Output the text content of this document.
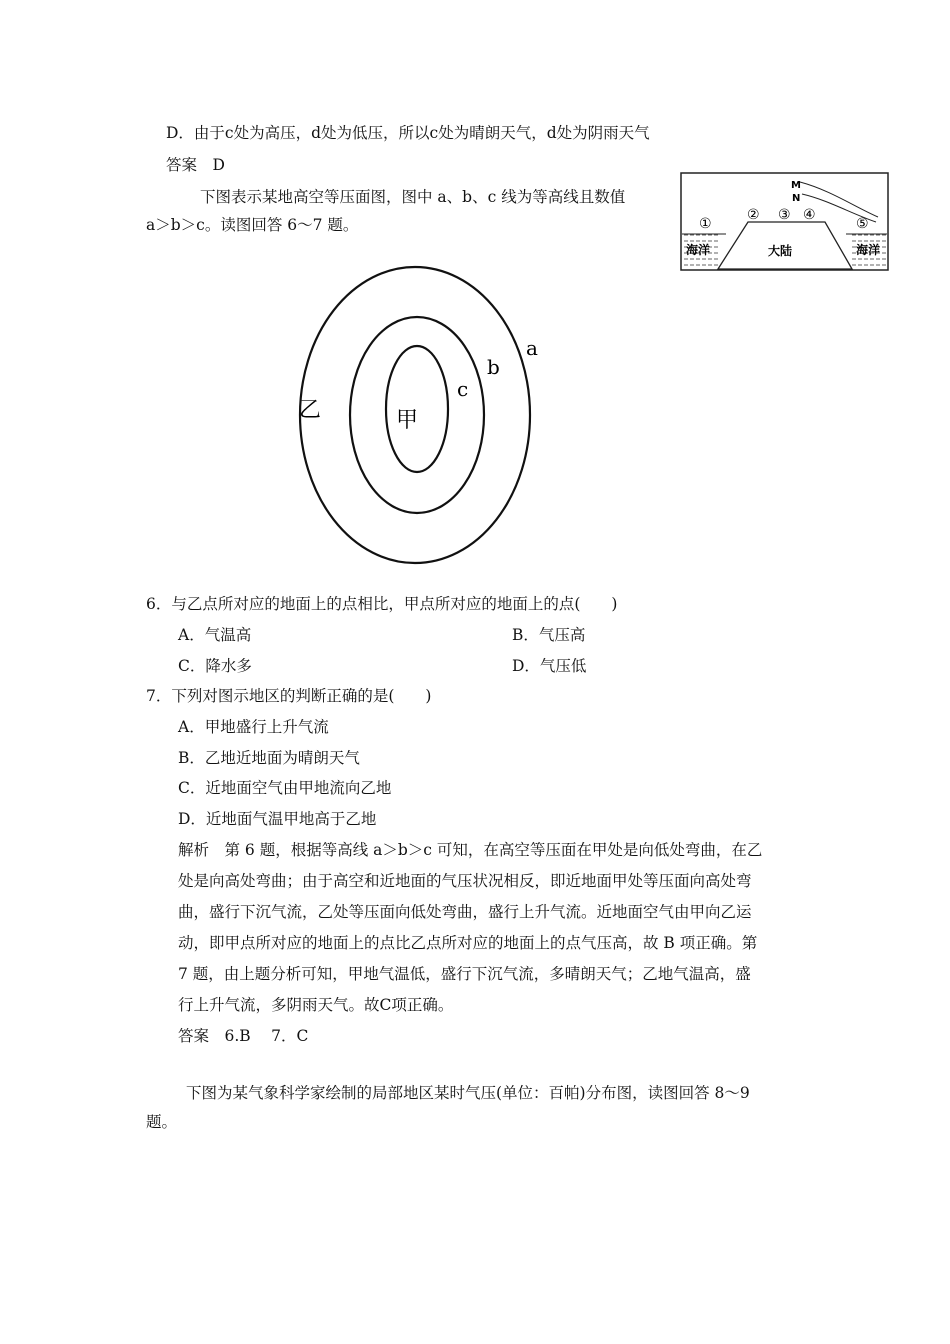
D．由于c处为高压，d处为低压，所以c处为晴朗天气，d处为阴雨天气
答案　D
下图表示某地高空等压面图，图中 a、b、c 线为等高线且数值
a＞b＞c。读图回答 6～7 题。
M
N
①
② ③ ④
⑤
海洋	大陆	海洋
a
b
c
甲
乙
6．与乙点所对应的地面上的点相比，甲点所对应的地面上的点(　　)
A．气温高	B．气压高
C．降水多	D．气压低
7．下列对图示地区的判断正确的是(　　)
A．甲地盛行上升气流
B．乙地近地面为晴朗天气
C．近地面空气由甲地流向乙地
D．近地面气温甲地高于乙地
解析　第 6 题，根据等高线 a＞b＞c 可知，在高空等压面在甲处是向低处弯曲，在乙
处是向高处弯曲；由于高空和近地面的气压状况相反，即近地面甲处等压面向高处弯
曲，盛行下沉气流，乙处等压面向低处弯曲，盛行上升气流。近地面空气由甲向乙运
动，即甲点所对应的地面上的点比乙点所对应的地面上的点气压高，故 B 项正确。第
7 题，由上题分析可知，甲地气温低，盛行下沉气流，多晴朗天气；乙地气温高，盛
行上升气流，多阴雨天气。故C项正确。
答案　6.B　 7．C
下图为某气象科学家绘制的局部地区某时气压(单位：百帕)分布图，读图回答 8～9
题。
